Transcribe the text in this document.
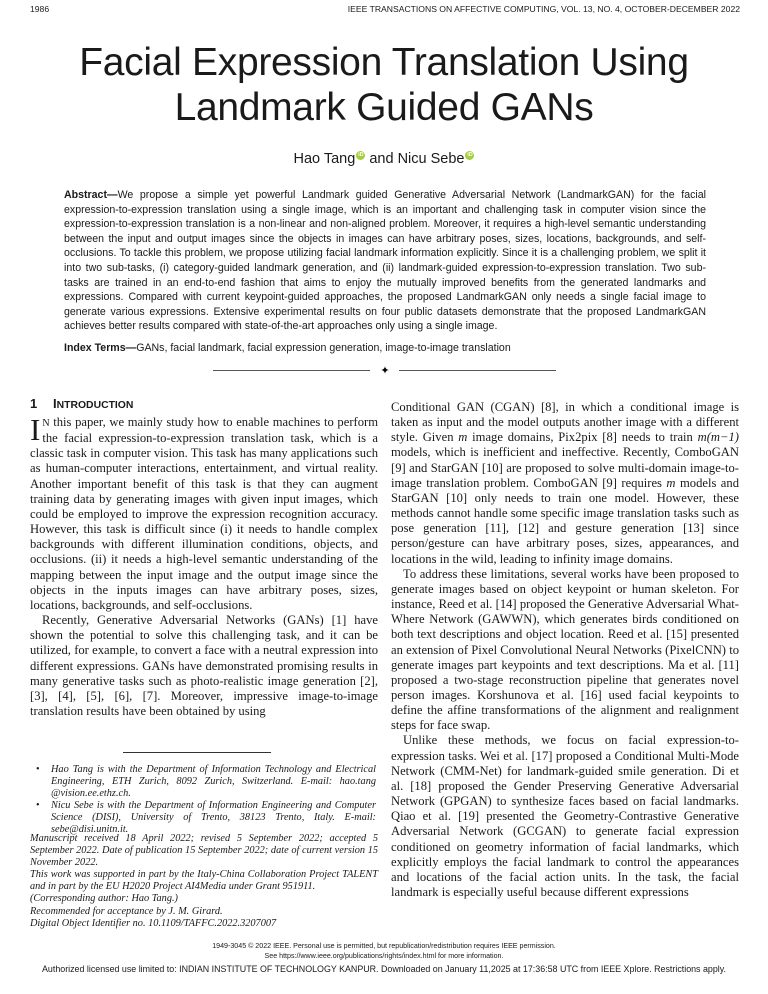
1986	IEEE TRANSACTIONS ON AFFECTIVE COMPUTING, VOL. 13, NO. 4, OCTOBER-DECEMBER 2022
Facial Expression Translation Using
Landmark Guided GANs
Hao Tang iD and Nicu Sebe iD
Abstract—We propose a simple yet powerful Landmark guided Generative Adversarial Network (LandmarkGAN) for the facial expression-to-expression translation using a single image, which is an important and challenging task in computer vision since the expression-to-expression translation is a non-linear and non-aligned problem. Moreover, it requires a high-level semantic understanding between the input and output images since the objects in images can have arbitrary poses, sizes, locations, backgrounds, and self-occlusions. To tackle this problem, we propose utilizing facial landmark information explicitly. Since it is a challenging problem, we split it into two sub-tasks, (i) category-guided landmark generation, and (ii) landmark-guided expression-to-expression translation. Two sub-tasks are trained in an end-to-end fashion that aims to enjoy the mutually improved benefits from the generated landmarks and expressions. Compared with current keypoint-guided approaches, the proposed LandmarkGAN only needs a single facial image to generate various expressions. Extensive experimental results on four public datasets demonstrate that the proposed LandmarkGAN achieves better results compared with state-of-the-art approaches only using a single image.
Index Terms—GANs, facial landmark, facial expression generation, image-to-image translation
✦
1 INTRODUCTION

I N this paper, we mainly study how to enable machines to perform the facial expression-to-expression translation task, which is a classic task in computer vision. This task has many applications such as human-computer interactions, entertainment, and virtual reality. Another important benefit of this task is that they can augment training data by generating images with given input images, which could be employed to improve the expression recognition accuracy. However, this task is difficult since (i) it needs to handle complex backgrounds with different illumination conditions, objects, and occlusions. (ii) it needs a high-level semantic understanding of the mapping between the input image and the output image since the objects in the inputs images can have arbitrary poses, sizes, locations, backgrounds, and self-occlusions.

Recently, Generative Adversarial Networks (GANs) [1] have shown the potential to solve this challenging task, and it can be utilized, for example, to convert a face with a neutral expression into different expressions. GANs have demonstrated promising results in many generative tasks such as photo-realistic image generation [2], [3], [4], [5], [6], [7]. Moreover, impressive image-to-image translation results have been obtained by using

• Hao Tang is with the Department of Information Technology and Electrical Engineering, ETH Zurich, 8092 Zurich, Switzerland. E-mail: hao.tang @vision.ee.ethz.ch.
• Nicu Sebe is with the Department of Information Engineering and Computer Science (DISI), University of Trento, 38123 Trento, Italy. E-mail: sebe@disi.unitn.it.

Manuscript received 18 April 2022; revised 5 September 2022; accepted 5 September 2022. Date of publication 15 September 2022; date of current version 15 November 2022.

This work was supported in part by the Italy-China Collaboration Project TALENT and in part by the EU H2020 Project AI4Media under Grant 951911.

(Corresponding author: Hao Tang.)

Recommended for acceptance by J. M. Girard.

Digital Object Identifier no. 10.1109/TAFFC.2022.3207007

Conditional GAN (CGAN) [8], in which a conditional image is taken as input and the model outputs another image with a different style. Given m image domains, Pix2pix [8] needs to train m(m−1) models, which is inefficient and ineffective. Recently, ComboGAN [9] and StarGAN [10] are proposed to solve multi-domain image-to-image translation problem. ComboGAN [9] requires m models and StarGAN [10] only needs to train one model. However, these methods cannot handle some specific image translation tasks such as pose generation [11], [12] and gesture generation [13] since person/gesture can have arbitrary poses, sizes, appearances, and locations in the wild, leading to infinity image domains.

To address these limitations, several works have been proposed to generate images based on object keypoint or human skeleton. For instance, Reed et al. [14] proposed the Generative Adversarial What-Where Network (GAWWN), which generates birds conditioned on both text descriptions and object location. Reed et al. [15] presented an extension of Pixel Convolutional Neural Networks (PixelCNN) to generate images part keypoints and text descriptions. Ma et al. [11] proposed a two-stage reconstruction pipeline that generates novel person images. Korshunova et al. [16] used facial keypoints to define the affine transformations of the alignment and realignment steps for face swap.

Unlike these methods, we focus on facial expression-to-expression tasks. Wei et al. [17] proposed a Conditional Multi-Mode Network (CMM-Net) for landmark-guided smile generation. Di et al. [18] proposed the Gender Preserving Generative Adversarial Network (GPGAN) to synthesize faces based on facial landmarks. Qiao et al. [19] presented the Geometry-Contrastive Generative Adversarial Network (GCGAN) to generate facial expression conditioned on geometry information of facial landmarks, which explicitly employs the facial landmark to control the appearances and locations of the facial action units. In the task, the facial landmark is especially useful because different expressions

1949-3045 © 2022 IEEE. Personal use is permitted, but republication/redistribution requires IEEE permission.
See https://www.ieee.org/publications/rights/index.html for more information.
Authorized licensed use limited to: INDIAN INSTITUTE OF TECHNOLOGY KANPUR. Downloaded on January 11,2025 at 17:36:58 UTC from IEEE Xplore. Restrictions apply.
